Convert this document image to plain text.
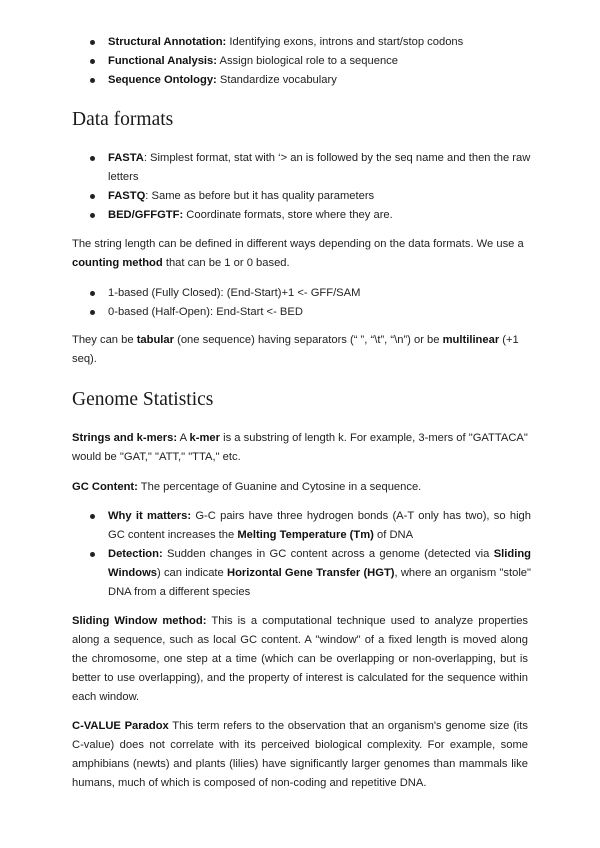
Structural Annotation: Identifying exons, introns and start/stop codons
Functional Analysis: Assign biological role to a sequence
Sequence Ontology: Standardize vocabulary
Data formats
FASTA: Simplest format, stat with ‘> an is followed by the seq name and then the raw letters
FASTQ: Same as before but it has quality parameters
BED/GFFGTF: Coordinate formats, store where they are.

The string length can be defined in different ways depending on the data formats. We use a counting method that can be 1 or 0 based.

1-based (Fully Closed): (End-Start)+1 <- GFF/SAM
0-based (Half-Open): End-Start <- BED

They can be tabular (one sequence) having separators (“ ”, “\t”, “\n”) or be multilinear (+1 seq).

Genome Statistics

Strings and k-mers: A k-mer is a substring of length k. For example, 3-mers of "GATTACA" would be "GAT," "ATT," "TTA," etc.

GC Content: The percentage of Guanine and Cytosine in a sequence.

Why it matters: G-C pairs have three hydrogen bonds (A-T only has two), so high GC content increases the Melting Temperature (Tm) of DNA
Detection: Sudden changes in GC content across a genome (detected via Sliding Windows) can indicate Horizontal Gene Transfer (HGT), where an organism "stole" DNA from a different species

Sliding Window method: This is a computational technique used to analyze properties along a sequence, such as local GC content. A "window" of a fixed length is moved along the chromosome, one step at a time (which can be overlapping or non-overlapping, but is better to use overlapping), and the property of interest is calculated for the sequence within each window.

C-VALUE Paradox This term refers to the observation that an organism's genome size (its C-value) does not correlate with its perceived biological complexity. For example, some amphibians (newts) and plants (lilies) have significantly larger genomes than mammals like humans, much of which is composed of non-coding and repetitive DNA.
